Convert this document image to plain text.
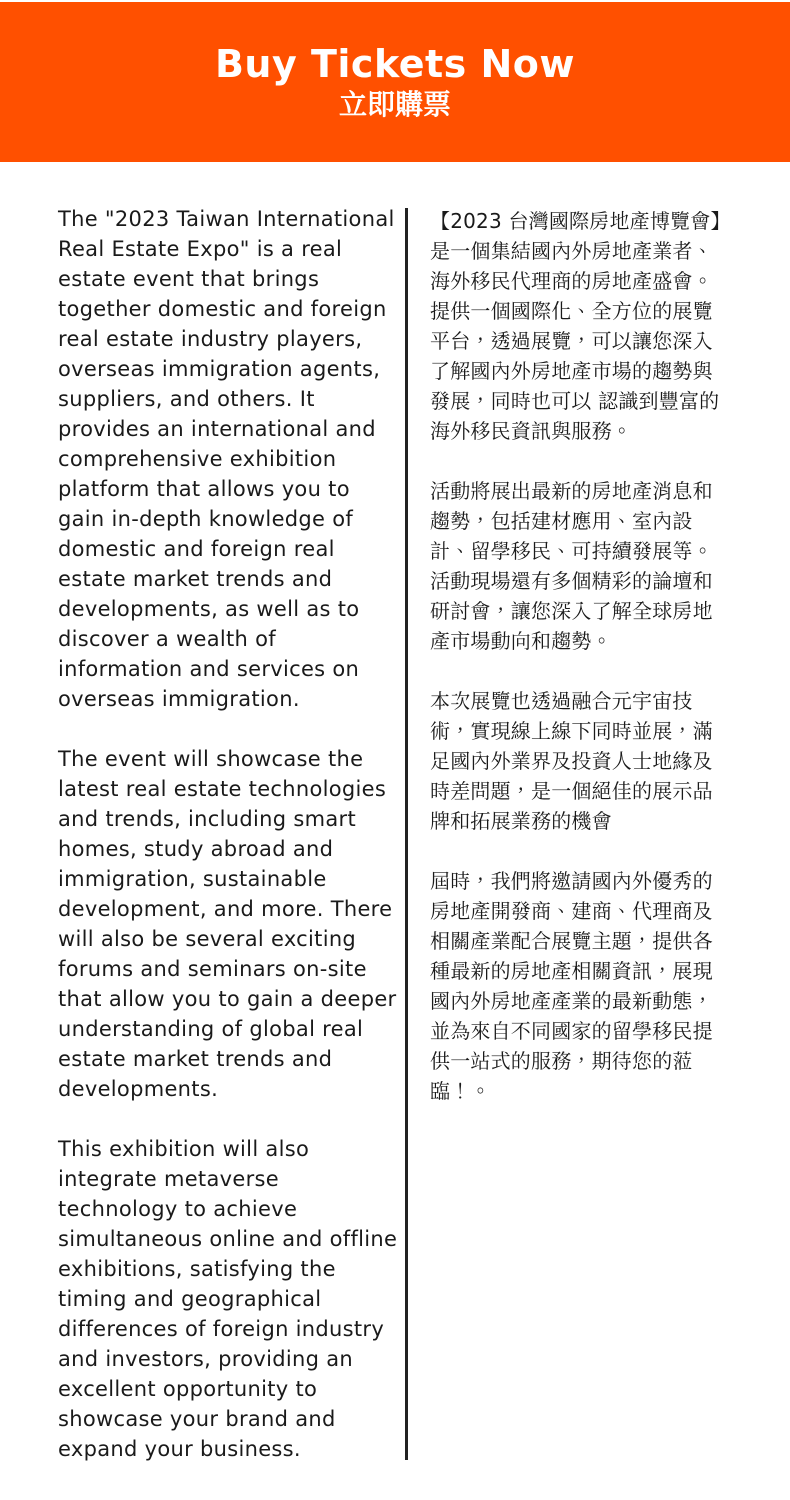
Buy Tickets Now
立即購票

The "2023 Taiwan International Real Estate Expo" is a real estate event that brings together domestic and foreign real estate industry players, overseas immigration agents, suppliers, and others. It provides an international and comprehensive exhibition platform that allows you to gain in-depth knowledge of domestic and foreign real estate market trends and developments, as well as to discover a wealth of information and services on overseas immigration.

The event will showcase the latest real estate technologies and trends, including smart homes, study abroad and immigration, sustainable development, and more. There will also be several exciting forums and seminars on-site that allow you to gain a deeper understanding of global real estate market trends and developments.

This exhibition will also integrate metaverse technology to achieve simultaneous online and offline exhibitions, satisfying the timing and geographical differences of foreign industry and investors, providing an excellent opportunity to showcase your brand and expand your business.

【2023 台灣國際房地產博覽會】是一個集結國內外房地產業者、海外移民代理商的房地產盛會。提供一個國際化、全方位的展覽平台，透過展覽，可以讓您深入了解國內外房地產市場的趨勢與發展，同時也可以 認識到豐富的海外移民資訊與服務。

活動將展出最新的房地產消息和趨勢，包括建材應用、室內設計、留學移民、可持續發展等。活動現場還有多個精彩的論壇和研討會，讓您深入了解全球房地產市場動向和趨勢。

本次展覽也透過融合元宇宙技術，實現線上線下同時並展，滿足國內外業界及投資人士地緣及時差問題，是一個絕佳的展示品牌和拓展業務的機會

屆時，我們將邀請國內外優秀的房地產開發商、建商、代理商及相關產業配合展覽主題，提供各種最新的房地產相關資訊，展現國內外房地產產業的最新動態，並為來自不同國家的留學移民提供一站式的服務，期待您的蒞臨！。
